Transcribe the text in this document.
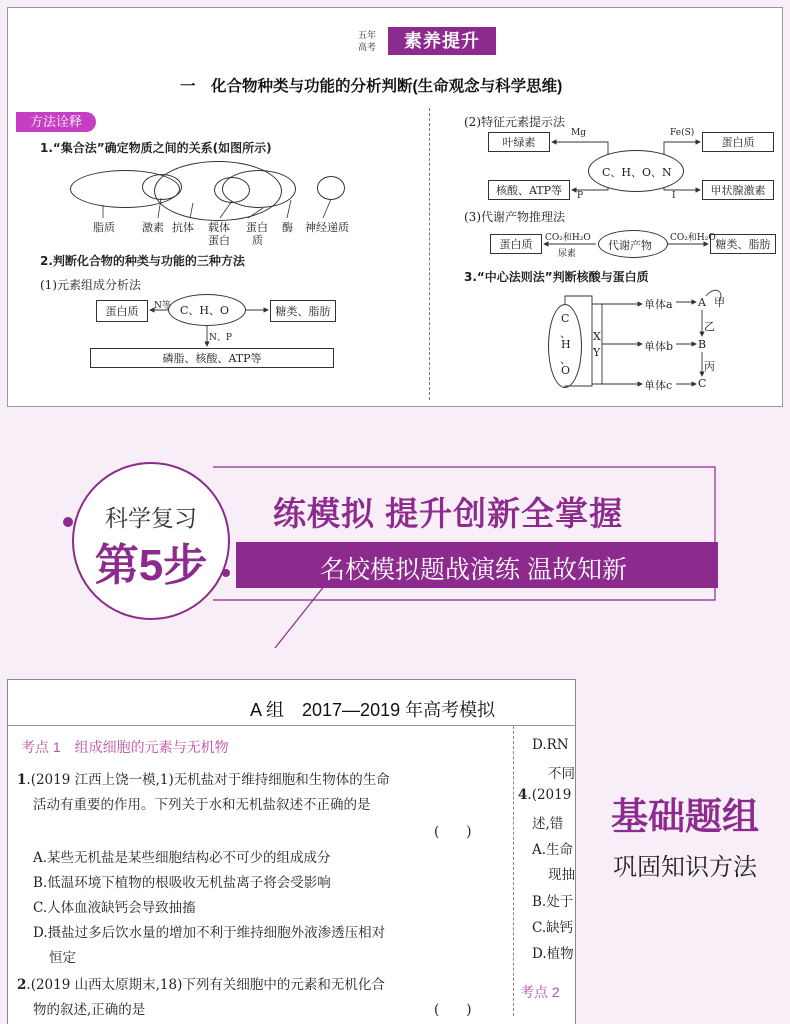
五年
高考	素养提升
一　化合物种类与功能的分析判断(生命观念与科学思维)
方法诠释
1.“集合法”确定物质之间的关系(如图所示)
脂质 激素 抗体 载体
蛋白
蛋白
质
酶 神经递质
2.判断化合物的种类与功能的三种方法
(1)元素组成分析法
蛋白质	C、H、O	糖类、脂肪
磷脂、核酸、ATP等
N等
N、P
(2)特征元素提示法
叶绿素	蛋白质
C、H、O、N
核酸、ATP等	甲状腺激素
Mg	Fe(S)
P	I
(3)代谢产物推理法
蛋白质	代谢产物	糖类、脂肪
CO₂和H₂O
尿素
CO₂和H₂O
3.“中心法则法”判断核酸与蛋白质
C
、
H
、
O
X
Y
单体a
单体b
单体c
A
B
C
甲
乙
丙
科学复习
第5步
练模拟 提升创新全掌握
名校模拟题战演练 温故知新
A 组　2017—2019 年高考模拟
考点 1　组成细胞的元素与无机物
1.(2019 江西上饶一模,1)无机盐对于维持细胞和生物体的生命
活动有重要的作用。下列关于水和无机盐叙述不正确的是
(　　)
A.某些无机盐是某些细胞结构必不可少的组成成分
B.低温环境下植物的根吸收无机盐离子将会受影响
C.人体血液缺钙会导致抽搐
D.摄盐过多后饮水量的增加不利于维持细胞外液渗透压相对
恒定
2.(2019 山西太原期末,18)下列有关细胞中的元素和无机化合
物的叙述,正确的是	(　　)
D.RN
不同
4.(2019
述,错
A.生命
现抽
B.处于
C.缺钙
D.植物
考点 2
基础题组
巩固知识方法
